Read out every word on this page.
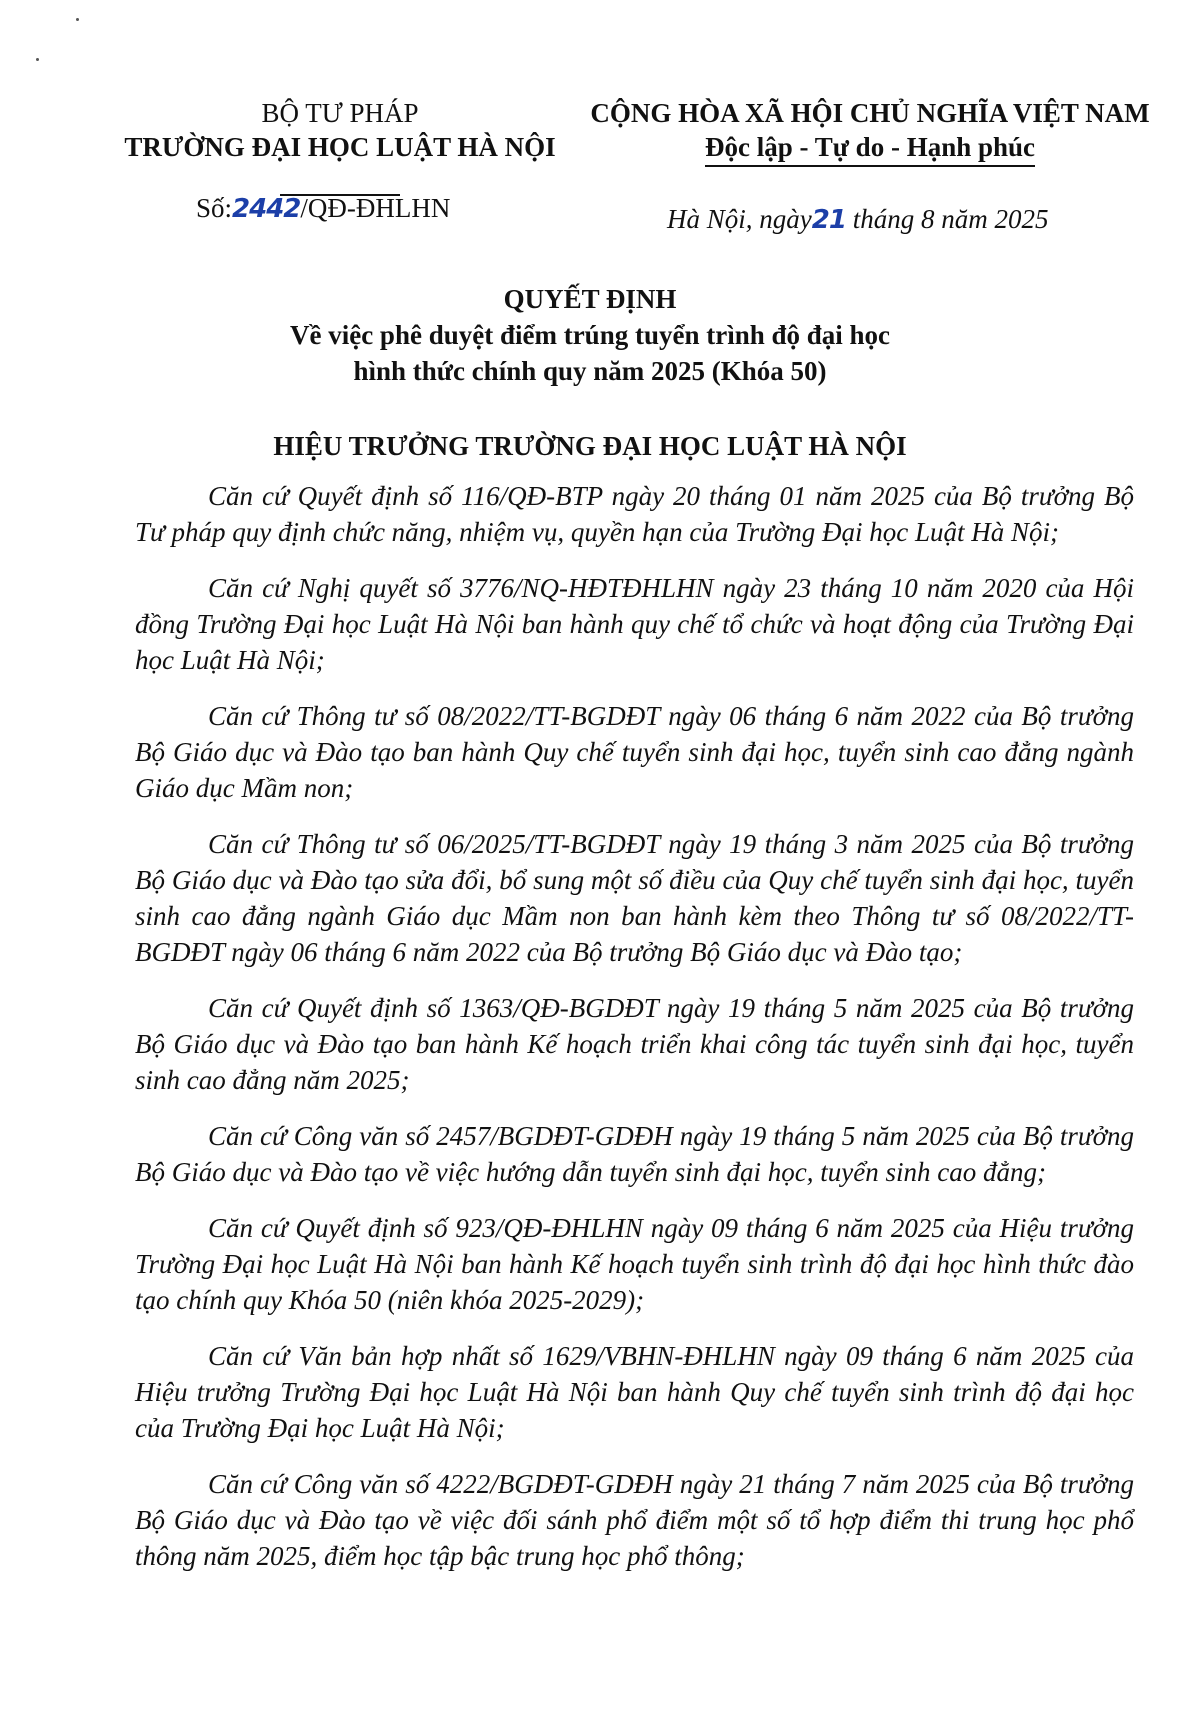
BỘ TƯ PHÁP
TRƯỜNG ĐẠI HỌC LUẬT HÀ NỘI
Số:2442/QĐ-ĐHLHN
CỘNG HÒA XÃ HỘI CHỦ NGHĨA VIỆT NAM
Độc lập - Tự do - Hạnh phúc
Hà Nội, ngày21 tháng 8 năm 2025
QUYẾT ĐỊNH
Về việc phê duyệt điểm trúng tuyển trình độ đại học
hình thức chính quy năm 2025 (Khóa 50)
HIỆU TRƯỞNG TRƯỜNG ĐẠI HỌC LUẬT HÀ NỘI

Căn cứ Quyết định số 116/QĐ-BTP ngày 20 tháng 01 năm 2025 của Bộ trưởng Bộ Tư pháp quy định chức năng, nhiệm vụ, quyền hạn của Trường Đại học Luật Hà Nội;

Căn cứ Nghị quyết số 3776/NQ-HĐTĐHLHN ngày 23 tháng 10 năm 2020 của Hội đồng Trường Đại học Luật Hà Nội ban hành quy chế tổ chức và hoạt động của Trường Đại học Luật Hà Nội;

Căn cứ Thông tư số 08/2022/TT-BGDĐT ngày 06 tháng 6 năm 2022 của Bộ trưởng Bộ Giáo dục và Đào tạo ban hành Quy chế tuyển sinh đại học, tuyển sinh cao đẳng ngành Giáo dục Mầm non;

Căn cứ Thông tư số 06/2025/TT-BGDĐT ngày 19 tháng 3 năm 2025 của Bộ trưởng Bộ Giáo dục và Đào tạo sửa đổi, bổ sung một số điều của Quy chế tuyển sinh đại học, tuyển sinh cao đẳng ngành Giáo dục Mầm non ban hành kèm theo Thông tư số 08/2022/TT-BGDĐT ngày 06 tháng 6 năm 2022 của Bộ trưởng Bộ Giáo dục và Đào tạo;

Căn cứ Quyết định số 1363/QĐ-BGDĐT ngày 19 tháng 5 năm 2025 của Bộ trưởng Bộ Giáo dục và Đào tạo ban hành Kế hoạch triển khai công tác tuyển sinh đại học, tuyển sinh cao đẳng năm 2025;

Căn cứ Công văn số 2457/BGDĐT-GDĐH ngày 19 tháng 5 năm 2025 của Bộ trưởng Bộ Giáo dục và Đào tạo về việc hướng dẫn tuyển sinh đại học, tuyển sinh cao đẳng;

Căn cứ Quyết định số 923/QĐ-ĐHLHN ngày 09 tháng 6 năm 2025 của Hiệu trưởng Trường Đại học Luật Hà Nội ban hành Kế hoạch tuyển sinh trình độ đại học hình thức đào tạo chính quy Khóa 50 (niên khóa 2025-2029);

Căn cứ Văn bản hợp nhất số 1629/VBHN-ĐHLHN ngày 09 tháng 6 năm 2025 của Hiệu trưởng Trường Đại học Luật Hà Nội ban hành Quy chế tuyển sinh trình độ đại học của Trường Đại học Luật Hà Nội;

Căn cứ Công văn số 4222/BGDĐT-GDĐH ngày 21 tháng 7 năm 2025 của Bộ trưởng Bộ Giáo dục và Đào tạo về việc đối sánh phổ điểm một số tổ hợp điểm thi trung học phổ thông năm 2025, điểm học tập bậc trung học phổ thông;
